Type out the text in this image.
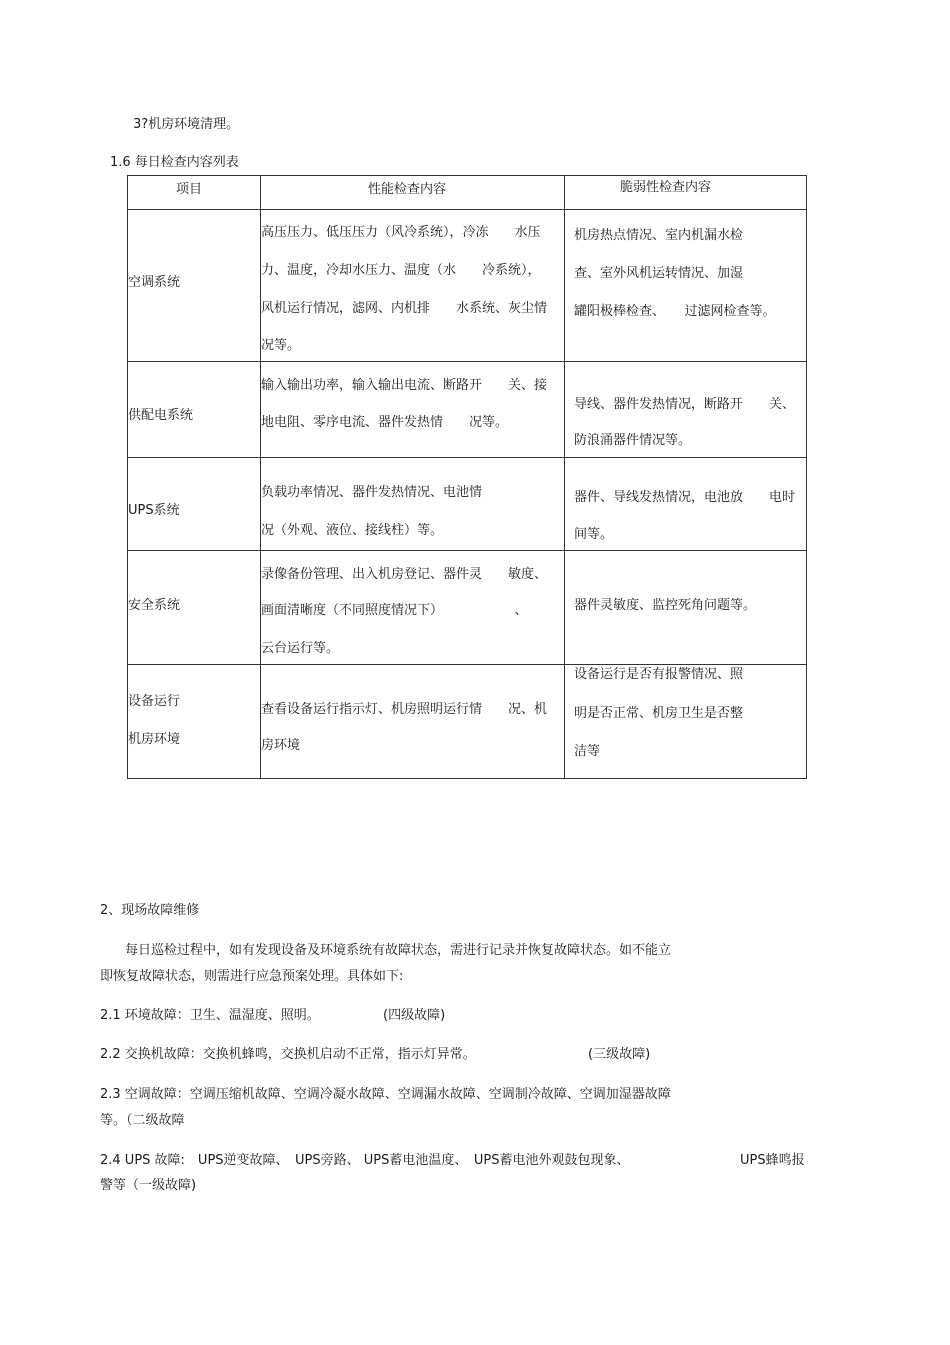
3?机房环境清理。
1.6 每日检查内容列表
项目	性能检查内容	脆弱性检查内容

空调系统	高压压力、低压压力（风冷系统），冷冻　　水压
力、温度，冷却水压力、温度（水　　冷系统），
风机运行情况，滤网、内机排　　水系统、灰尘情
况等。	机房热点情况、室内机漏水检
查、室外风机运转情况、加湿
罐阳极棒检查、　　过滤网检查等。

供配电系统	输入输出功率，输入输出电流、断路开　　关、接
地电阻、零序电流、器件发热情　　况等。	导线、器件发热情况，断路开　　关、
防浪涌器件情况等。

UPS系统	负载功率情况、器件发热情况、电池情
况（外观、液位、接线柱）等。	器件、导线发热情况，电池放　　电时
间等。

安全系统	录像备份管理、出入机房登记、器件灵　　敏度、
画面清晰度（不同照度情况下）　　　　　　、
云台运行等。	器件灵敏度、监控死角问题等。

设备运行
机房环境	查看设备运行指示灯、机房照明运行情　　况、机
房环境	设备运行是否有报警情况、照
明是否正常、机房卫生是否整
洁等
2、现场故障维修
每日巡检过程中，如有发现设备及环境系统有故障状态，需进行记录并恢复故障状态。如不能立
即恢复故障状态，则需进行应急预案处理。具体如下:
2.1 环境故障：卫生、温湿度、照明。	(四级故障)
2.2 交换机故障：交换机蜂鸣，交换机启动不正常，指示灯异常。	(三级故障)
2.3 空调故障：空调压缩机故障、空调冷凝水故障、空调漏水故障、空调制冷故障、空调加湿器故障
等。（二级故障
2.4 UPS 故障:　UPS逆变故障、　UPS旁路、 UPS蓄电池温度、　UPS蓄电池外观鼓包现象、	UPS蜂鸣报
警等（一级故障)
